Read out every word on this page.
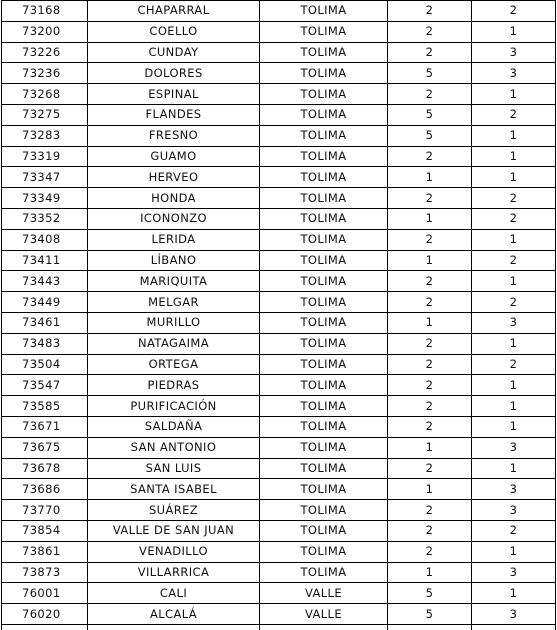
73168	CHAPARRAL	TOLIMA	2	2
73200	COELLO	TOLIMA	2	1
73226	CUNDAY	TOLIMA	2	3
73236	DOLORES	TOLIMA	5	3
73268	ESPINAL	TOLIMA	2	1
73275	FLANDES	TOLIMA	5	2
73283	FRESNO	TOLIMA	5	1
73319	GUAMO	TOLIMA	2	1
73347	HERVEO	TOLIMA	1	1
73349	HONDA	TOLIMA	2	2
73352	ICONONZO	TOLIMA	1	2
73408	LERIDA	TOLIMA	2	1
73411	LÍBANO	TOLIMA	1	2
73443	MARIQUITA	TOLIMA	2	1
73449	MELGAR	TOLIMA	2	2
73461	MURILLO	TOLIMA	1	3
73483	NATAGAIMA	TOLIMA	2	1
73504	ORTEGA	TOLIMA	2	2
73547	PIEDRAS	TOLIMA	2	1
73585	PURIFICACIÓN	TOLIMA	2	1
73671	SALDAÑA	TOLIMA	2	1
73675	SAN ANTONIO	TOLIMA	1	3
73678	SAN LUIS	TOLIMA	2	1
73686	SANTA ISABEL	TOLIMA	1	3
73770	SUÁREZ	TOLIMA	2	3
73854	VALLE DE SAN JUAN	TOLIMA	2	2
73861	VENADILLO	TOLIMA	2	1
73873	VILLARRICA	TOLIMA	1	3
76001	CALI	VALLE	5	1
76020	ALCALÁ	VALLE	5	3
